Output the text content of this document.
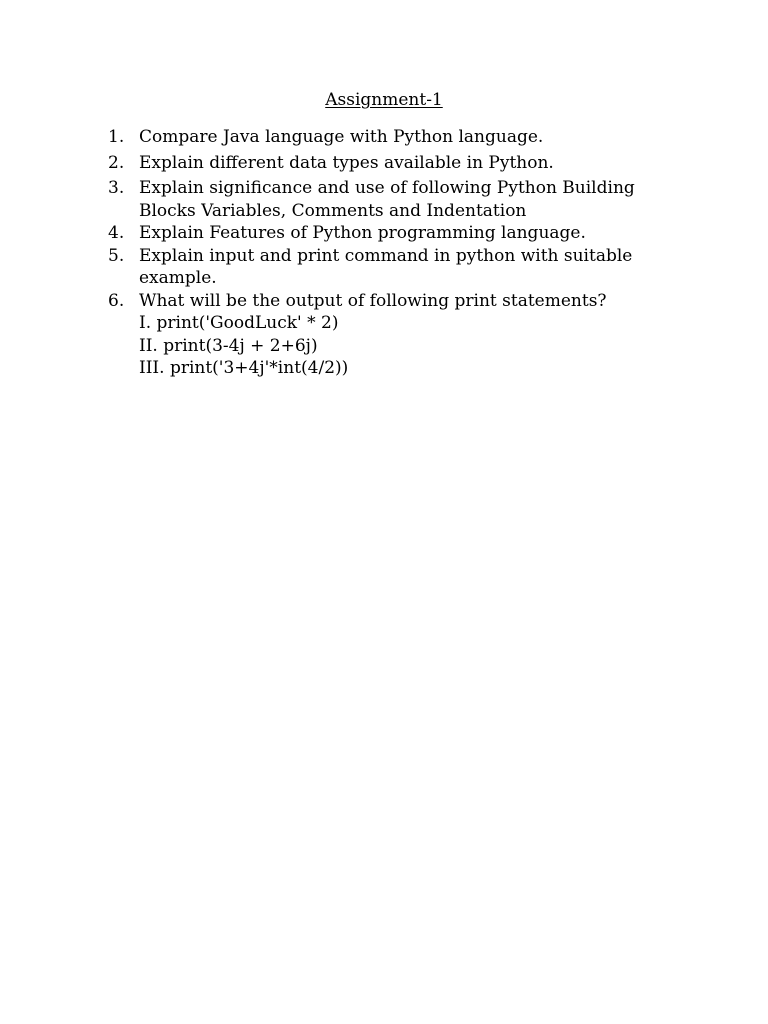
Assignment-1
1. Compare Java language with Python language.
2. Explain different data types available in Python.
3. Explain significance and use of following Python Building
Blocks Variables, Comments and Indentation
4. Explain Features of Python programming language.
5. Explain input and print command in python with suitable
example.
6. What will be the output of following print statements?
I. print('GoodLuck' * 2)
II. print(3-4j + 2+6j)
III. print('3+4j'*int(4/2))
